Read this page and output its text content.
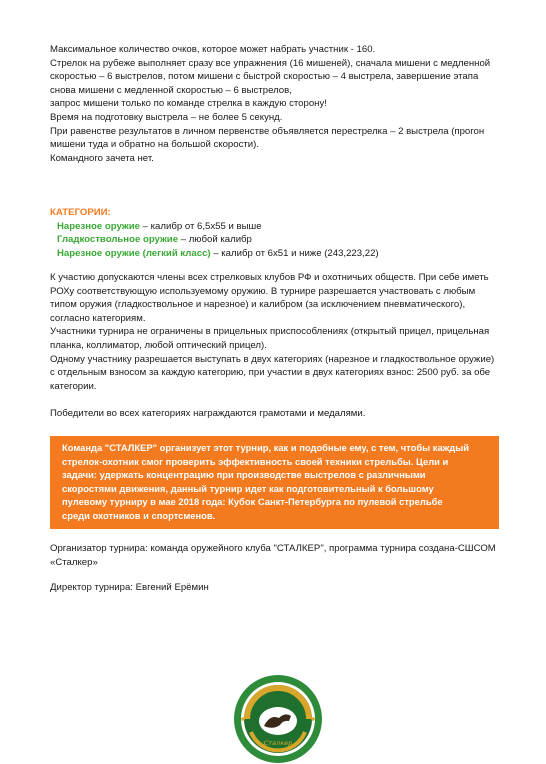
Максимальное количество очков, которое может набрать участник - 160.

Стрелок на рубеже выполняет сразу все упражнения (16 мишеней), сначала мишени с медленной скоростью – 6 выстрелов, потом мишени с быстрой скоростью – 4 выстрела, завершение этапа снова мишени с медленной скоростью – 6 выстрелов,

запрос мишени только по команде стрелка в каждую сторону!

Время на подготовку выстрела – не более 5 секунд.

При равенстве результатов в личном первенстве объявляется перестрелка – 2 выстрела (прогон мишени туда и обратно на большой скорости).

Командного зачета нет.

КАТЕГОРИИ:

Нарезное оружие – калибр от 6,5х55 и выше

Гладкоствольное оружие – любой калибр

Нарезное оружие (легкий класс) – калибр от 6х51 и ниже (243,223,22)

К участию допускаются члены всех стрелковых клубов РФ и охотничьих обществ. При себе иметь РОХу соответствующую используемому оружию. В турнире разрешается участвовать с любым типом оружия (гладкоствольное и нарезное) и калибром (за исключением пневматического), согласно категориям.

Участники турнира не ограничены в прицельных приспособлениях (открытый прицел, прицельная планка, коллиматор, любой оптический прицел).

Одному участнику разрешается выступать в двух категориях (нарезное и гладкоствольное оружие) с отдельным взносом за каждую категорию, при участии в двух категориях взнос: 2500 руб. за обе категории.

Победители во всех категориях награждаются грамотами и медалями.

Команда "СТАЛКЕР" организует этот турнир, как и подобные ему, с тем, чтобы каждый стрелок-охотник смог проверить эффективность своей техники стрельбы. Цели и задачи: удержать концентрацию при производстве выстрелов с различными скоростями движения, данный турнир идет как подготовительный к большому пулевому турниру в мае 2018 года: Кубок Санкт-Петербурга по пулевой стрельбе среди охотников и спортсменов.

Организатор турнира: команда оружейного клуба "СТАЛКЕР", программа турнира создана-СШСОМ «Сталкер»

Директор турнира: Евгений Ерёмин

Сталкер
